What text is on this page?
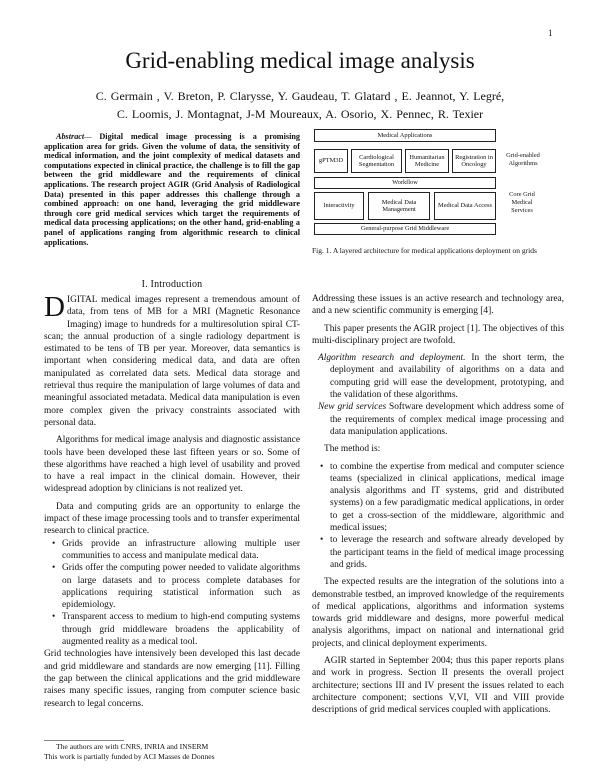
1
Grid-enabling medical image analysis
C. Germain , V. Breton, P. Clarysse, Y. Gaudeau, T. Glatard , E. Jeannot, Y. Legré,
C. Loomis, J. Montagnat, J-M Moureaux, A. Osorio, X. Pennec, R. Texier
Abstract— Digital medical image processing is a promising application area for grids. Given the volume of data, the sensitivity of medical information, and the joint complexity of medical datasets and computations expected in clinical practice, the challenge is to fill the gap between the grid middleware and the requirements of clinical applications. The research project AGIR (Grid Analysis of Radiological Data) presented in this paper addresses this challenge through a combined approach: on one hand, leveraging the grid middleware through core grid medical services which target the requirements of medical data processing applications; on the other hand, grid-enabling a panel of applications ranging from algorithmic research to clinical applications.
Medical Applications
gPTM3D
Cardiological Segmentation
Humanitarian Medicine
Registration in Oncology
Grid-enabled Algorithms
Workflow
Interactivity
Medical Data Management
Medical Data Access
Core Grid Medical Services
General-purpose Grid Middleware
Fig. 1. A layered architecture for medical applications deployment on grids
I. Introduction

DIGITAL medical images represent a tremendous amount of data, from tens of MB for a MRI (Magnetic Resonance Imaging) image to hundreds for a multiresolution spiral CT-scan; the annual production of a single radiology department is estimated to be tens of TB per year. Moreover, data semantics is important when considering medical data, and data are often manipulated as correlated data sets. Medical data storage and retrieval thus require the manipulation of large volumes of data and meaningful associated metadata. Medical data manipulation is even more complex given the privacy constraints associated with personal data.

Algorithms for medical image analysis and diagnostic assistance tools have been developed these last fifteen years or so. Some of these algorithms have reached a high level of usability and proved to have a real impact in the clinical domain. However, their widespread adoption by clinicians is not realized yet.

Data and computing grids are an opportunity to enlarge the impact of these image processing tools and to transfer experimental research to clinical practice.

• Grids provide an infrastructure allowing multiple user communities to access and manipulate medical data.
• Grids offer the computing power needed to validate algorithms on large datasets and to process complete databases for applications requiring statistical information such as epidemiology.
• Transparent access to medium to high-end computing systems through grid middleware broadens the applicability of augmented reality as a medical tool.

Grid technologies have intensively been developed this last decade and grid middleware and standards are now emerging [11]. Filling the gap between the clinical applications and the grid middleware raises many specific issues, ranging from computer science basic research to legal concerns.

The authors are with CNRS, INRIA and INSERM
This work is partially funded by ACI Masses de Donnes

Addressing these issues is an active research and technology area, and a new scientific community is emerging [4].

This paper presents the AGIR project [1]. The objectives of this multi-disciplinary project are twofold.

Algorithm research and deployment. In the short term, the deployment and availability of algorithms on a data and computing grid will ease the development, prototyping, and the validation of these algorithms.
New grid services Software development which address some of the requirements of complex medical image processing and data manipulation applications.

The method is:

• to combine the expertise from medical and computer science teams (specialized in clinical applications, medical image analysis algorithms and IT systems, grid and distributed systems) on a few paradigmatic medical applications, in order to get a cross-section of the middleware, algorithmic and medical issues;
• to leverage the research and software already developed by the participant teams in the field of medical image processing and grids.

The expected results are the integration of the solutions into a demonstrable testbed, an improved knowledge of the requirements of medical applications, algorithms and information systems towards grid middleware and designs, more powerful medical analysis algorithms, impact on national and international grid projects, and clinical deployment experiments.

AGIR started in September 2004; thus this paper reports plans and work in progress. Section II presents the overall project architecture; sections III and IV present the issues related to each architecture component; sections V,VI, VII and VIII provide descriptions of grid medical services coupled with applications.
